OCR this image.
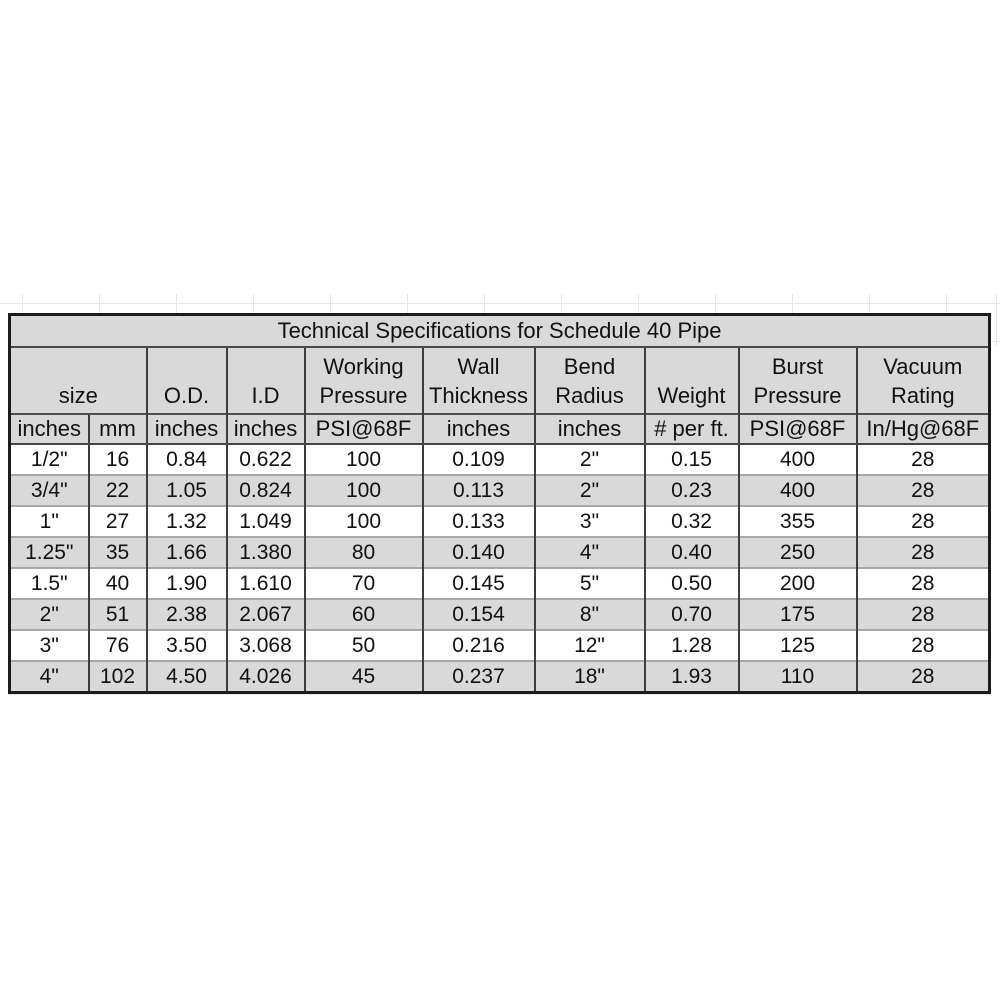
Technical Specifications for Schedule 40 Pipe									
size		O.D.	I.D	Working Pressure	Wall Thickness	Bend Radius	Weight	Burst Pressure	Vacuum Rating
inches	mm	inches	inches	PSI@68F	inches	inches	# per ft.	PSI@68F	In/Hg@68F
1/2"	16	0.84	0.622	100	0.109	2"	0.15	400	28
3/4"	22	1.05	0.824	100	0.113	2"	0.23	400	28
1"	27	1.32	1.049	100	0.133	3"	0.32	355	28
1.25"	35	1.66	1.380	80	0.140	4"	0.40	250	28
1.5"	40	1.90	1.610	70	0.145	5"	0.50	200	28
2"	51	2.38	2.067	60	0.154	8"	0.70	175	28
3"	76	3.50	3.068	50	0.216	12"	1.28	125	28
4"	102	4.50	4.026	45	0.237	18"	1.93	110	28
